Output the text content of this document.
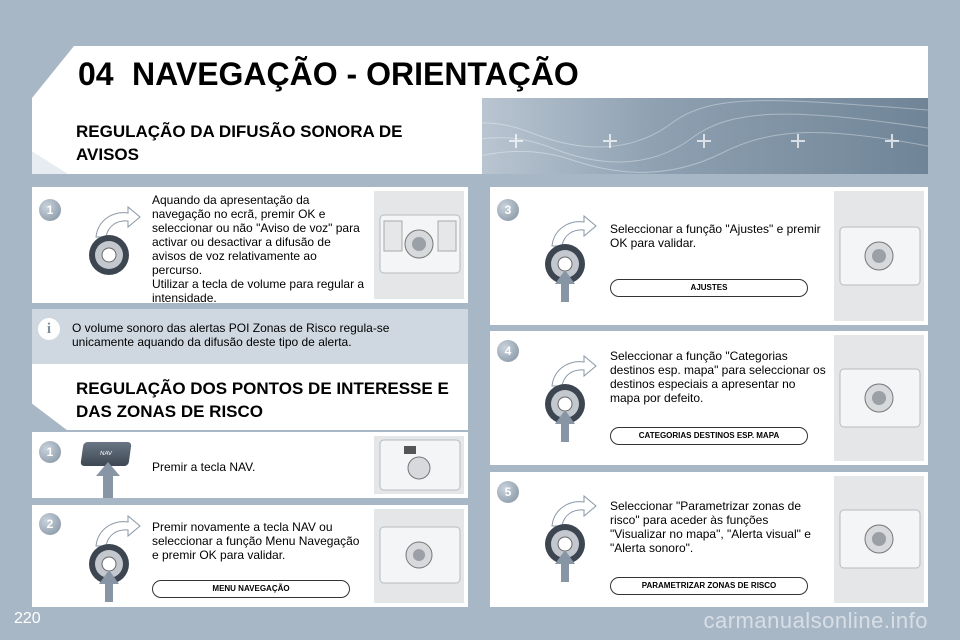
04 NAVEGAÇÃO - ORIENTAÇÃO
REGULAÇÃO DA DIFUSÃO SONORA DE AVISOS
1
Aquando da apresentação da navegação no ecrã, premir OK e seleccionar ou não "Aviso de voz" para activar ou desactivar a difusão de avisos de voz relativamente ao percurso.
Utilizar a tecla de volume para regular a intensidade.
i	O volume sonoro das alertas POI Zonas de Risco regula-se unicamente aquando da difusão deste tipo de alerta.
REGULAÇÃO DOS PONTOS DE INTERESSE E DAS ZONAS DE RISCO
1	NAV
Premir a tecla NAV.
2	Premir novamente a tecla NAV ou seleccionar a função Menu Navegação e premir OK para validar.
MENU NAVEGAÇÃO
3
Seleccionar a função "Ajustes" e premir OK para validar.
AJUSTES
4	Seleccionar a função "Categorias destinos esp. mapa" para seleccionar os destinos especiais a apresentar no mapa por defeito.
CATEGORIAS DESTINOS ESP. MAPA
5
Seleccionar "Parametrizar zonas de risco" para aceder às funções "Visualizar no mapa", "Alerta visual" e "Alerta sonoro".
PARAMETRIZAR ZONAS DE RISCO
220	carmanualsonline.info
